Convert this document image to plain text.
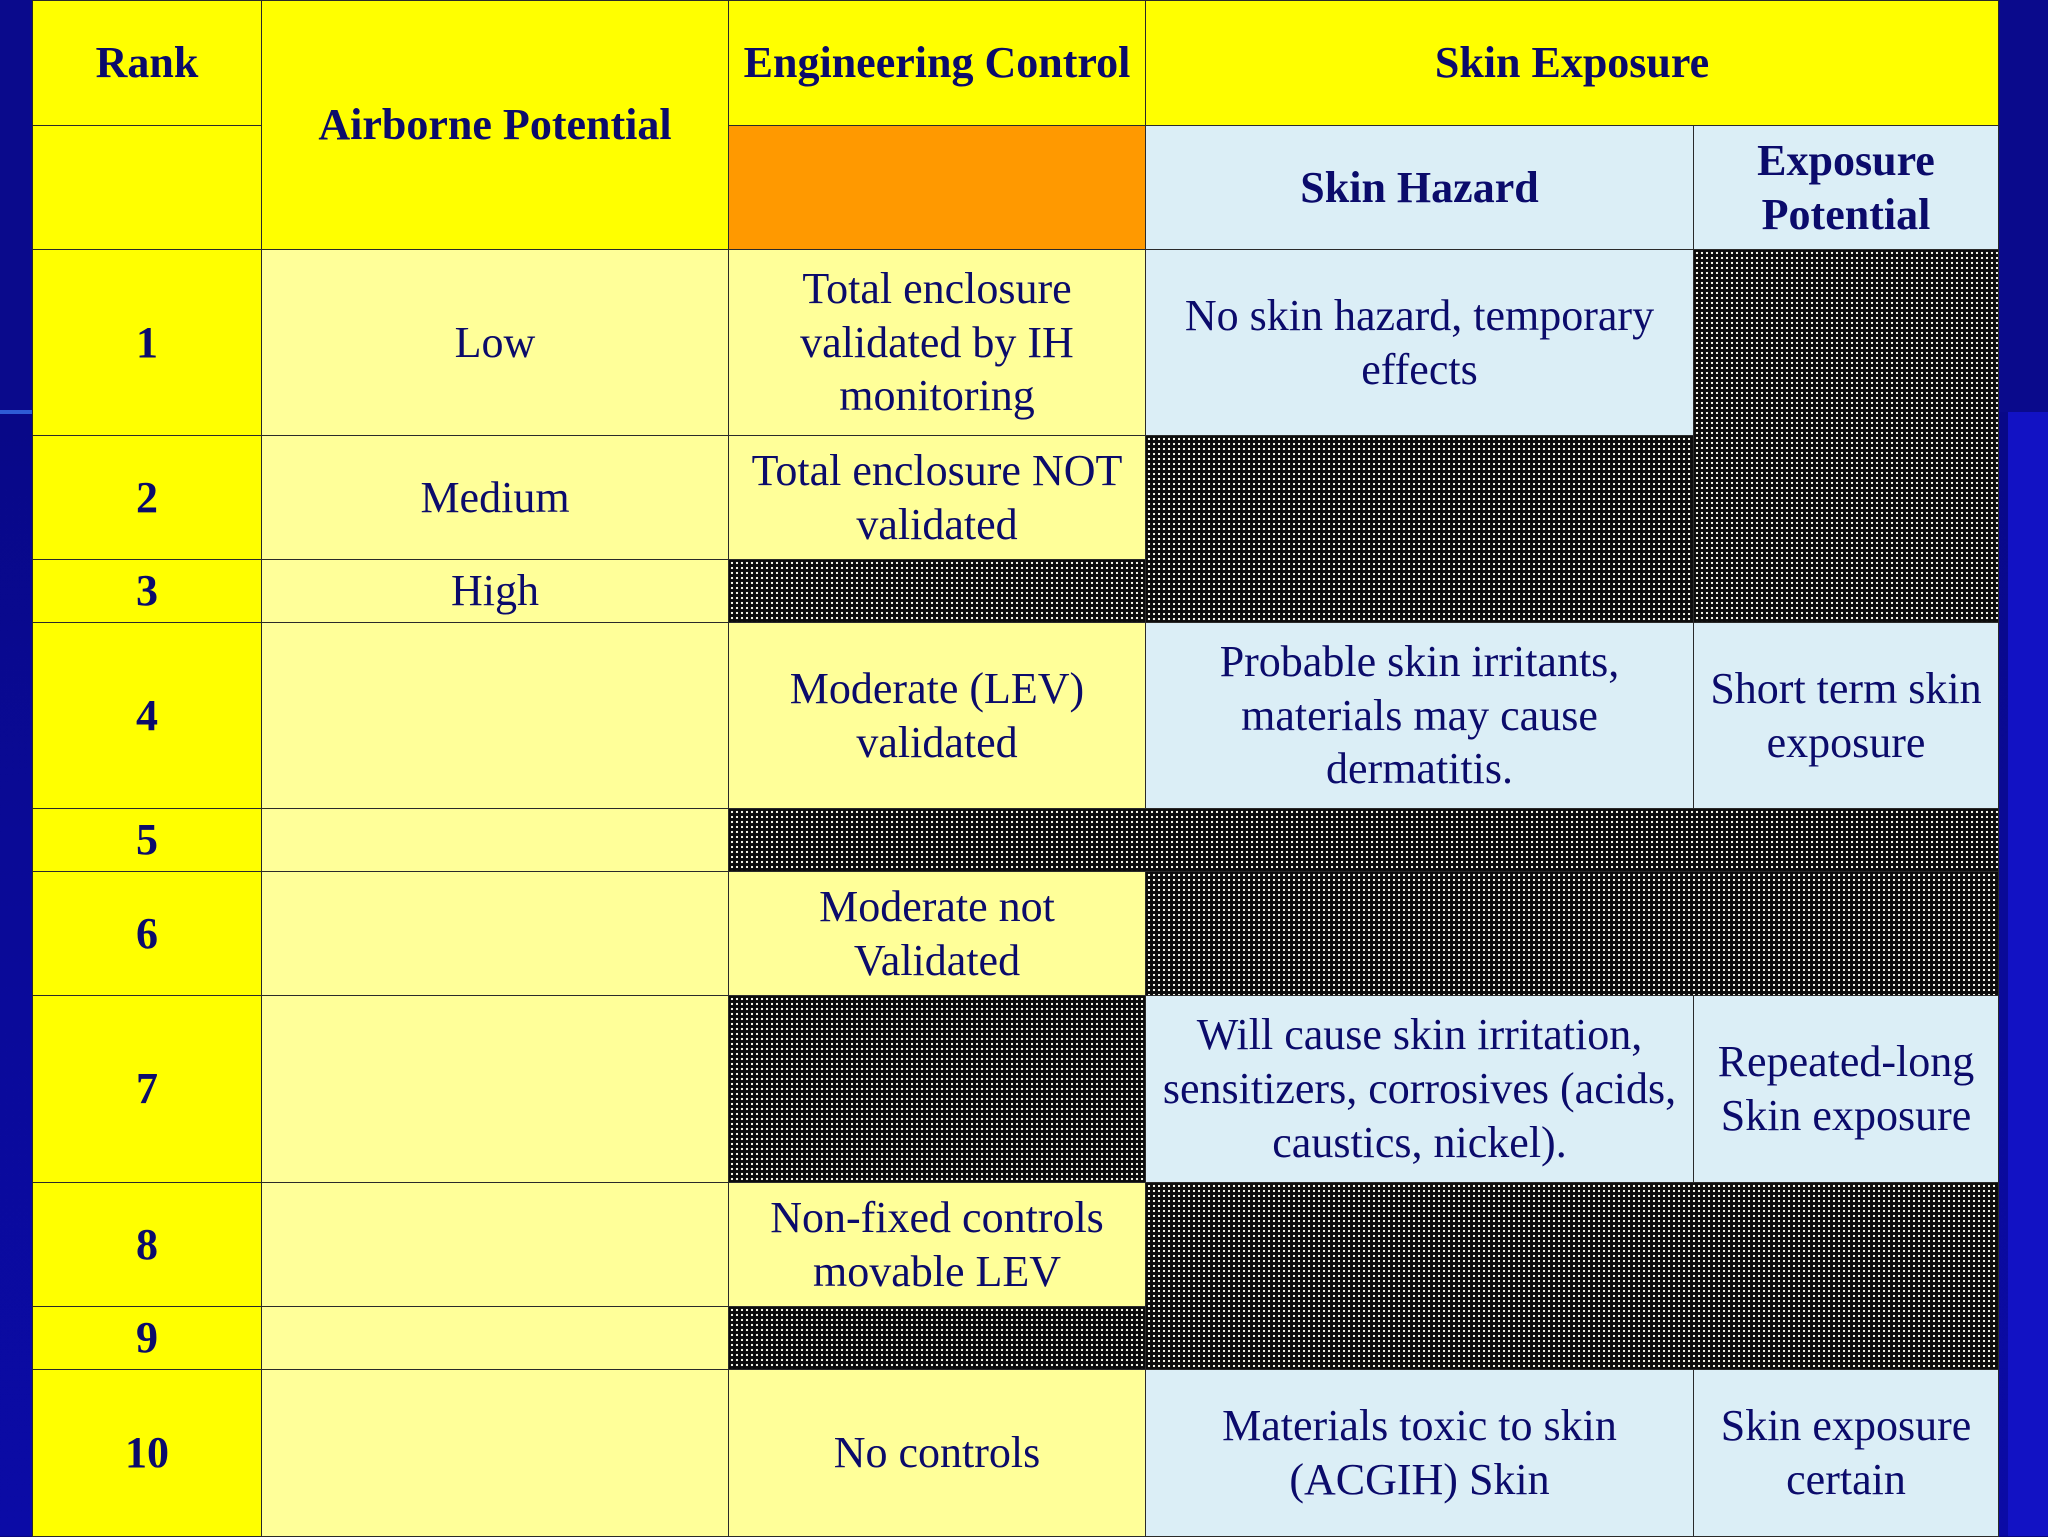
Rank	Airborne Potential	Engineering Control	Skin Exposure	
			Skin Hazard	Exposure Potential
1	Low	Total enclosure validated by IH monitoring	No skin hazard, temporary effects	
2	Medium	Total enclosure NOT validated		
3	High			
4		Moderate (LEV) validated	Probable skin irritants, materials may cause dermatitis.	Short term skin exposure
5				
6		Moderate not Validated		
7			Will cause skin irritation, sensitizers, corrosives (acids, caustics, nickel).	Repeated-long Skin exposure
8		Non-fixed controls movable LEV		
9				
10		No controls	Materials toxic to skin (ACGIH) Skin	Skin exposure certain
